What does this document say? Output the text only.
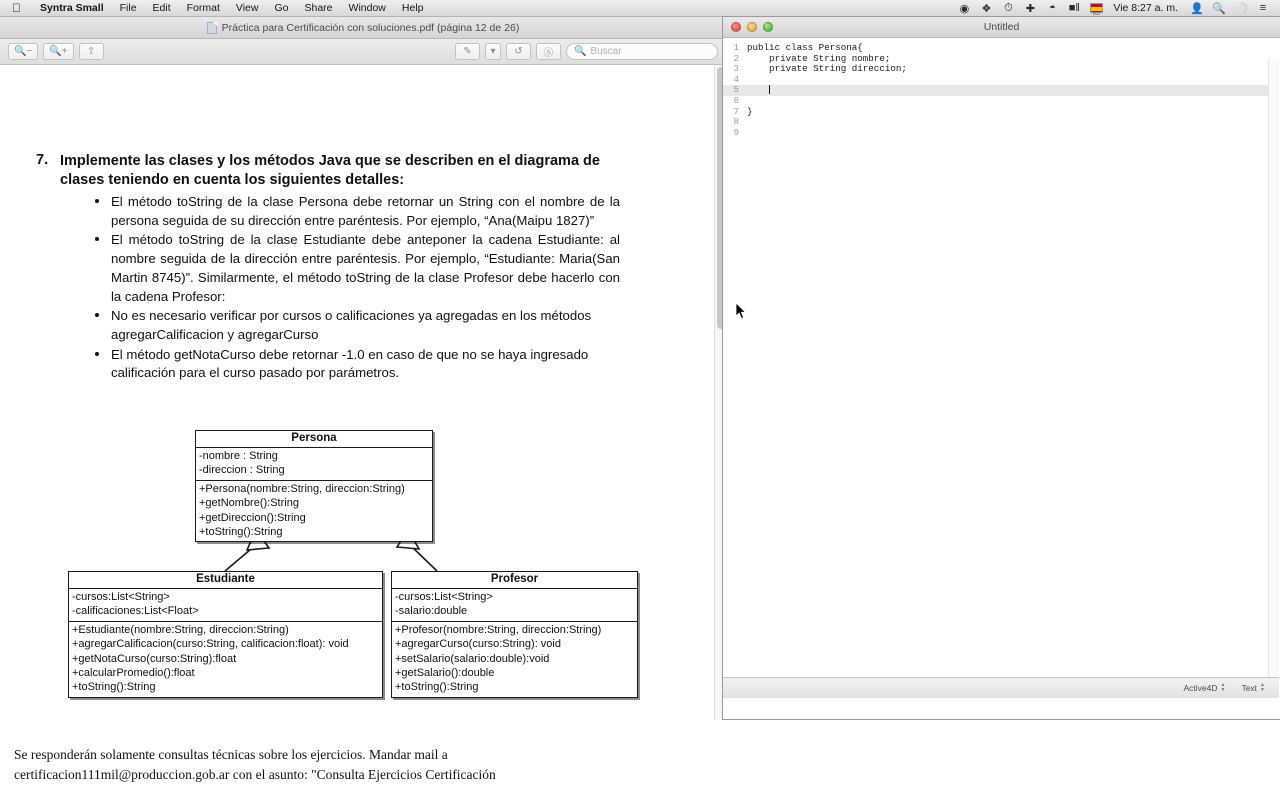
Syntra Small	File	Edit	Format	View	Go	Share	Window	Help	◉	❖	⏱	✚	◓	■‖	ISO	Vie 8:27 a. m.	👤 🔍 ⚪	≡
Práctica para Certificación con soluciones.pdf (página 12 de 26)
🔍−	🔍+	⇧	✎	▾	↺	Ⓢ	🔍 Buscar
7. Implemente las clases y los métodos Java que se describen en el diagrama de clases teniendo en cuenta los siguientes detalles:

El método toString de la clase Persona debe retornar un String con el nombre de la persona seguida de su dirección entre paréntesis. Por ejemplo, “Ana(Maipu 1827)”

El método toString de la clase Estudiante debe anteponer la cadena Estudiante: al nombre seguida de la dirección entre paréntesis. Por ejemplo, “Estudiante: Maria(San Martin 8745)”. Similarmente, el método toString de la clase Profesor debe hacerlo con la cadena Profesor:

No es necesario verificar por cursos o calificaciones ya agregadas en los métodos agregarCalificacion y agregarCurso

El método getNotaCurso debe retornar -1.0 en caso de que no se haya ingresado calificación para el curso pasado por parámetros.

Persona
-nombre : String
-direccion : String
+Persona(nombre:String, direccion:String)
+getNombre():String
+getDireccion():String
+toString():String
Estudiante
-cursos:List<String>
-calificaciones:List<Float>
+Estudiante(nombre:String, direccion:String)
+agregarCalificacion(curso:String, calificacion:float): void
+getNotaCurso(curso:String):float
+calcularPromedio():float
+toString():String
Profesor
-cursos:List<String>
-salario:double
+Profesor(nombre:String, direccion:String)
+agregarCurso(curso:String): void
+setSalario(salario:double):void
+getSalario():double
+toString():String

Se responderán solamente consultas técnicas sobre los ejercicios. Mandar mail a

certificacion111mil@produccion.gob.ar con el asunto: "Consulta Ejercicios Certificación

Untitled
1 public class Persona{
2 private String nombre;
3 private String direccion;
4
5

6
7 }
8
9
Active4D ▲
▼ Text ▲
▼
